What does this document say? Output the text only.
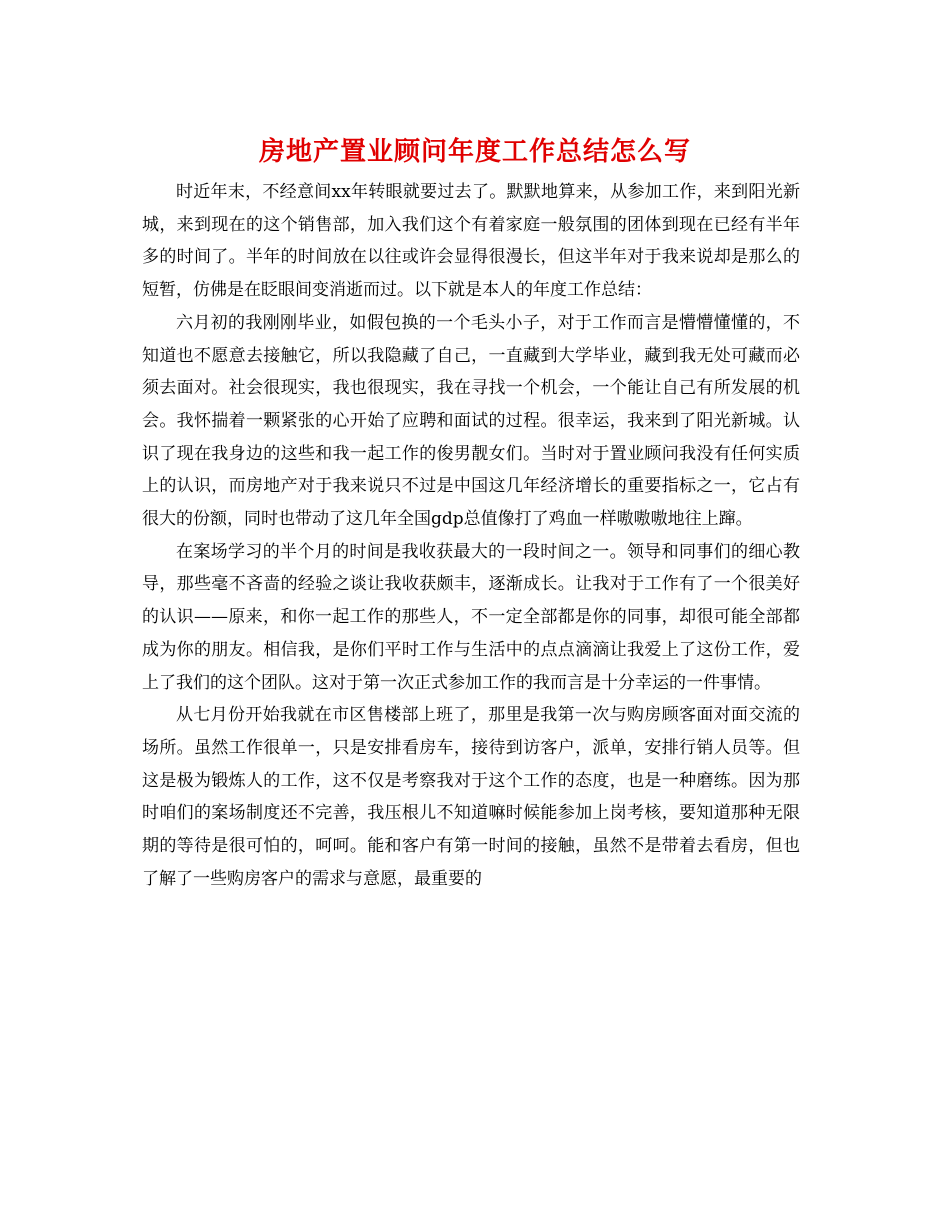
房地产置业顾问年度工作总结怎么写

时近年末，不经意间xx年转眼就要过去了。默默地算来，从参加工作，来到阳光新城，来到现在的这个销售部，加入我们这个有着家庭一般氛围的团体到现在已经有半年多的时间了。半年的时间放在以往或许会显得很漫长，但这半年对于我来说却是那么的短暂，仿佛是在眨眼间变消逝而过。以下就是本人的年度工作总结：

六月初的我刚刚毕业，如假包换的一个毛头小子，对于工作而言是懵懵懂懂的，不知道也不愿意去接触它，所以我隐藏了自己，一直藏到大学毕业，藏到我无处可藏而必须去面对。社会很现实，我也很现实，我在寻找一个机会，一个能让自己有所发展的机会。我怀揣着一颗紧张的心开始了应聘和面试的过程。很幸运，我来到了阳光新城。认识了现在我身边的这些和我一起工作的俊男靓女们。当时对于置业顾问我没有任何实质上的认识，而房地产对于我来说只不过是中国这几年经济增长的重要指标之一，它占有很大的份额，同时也带动了这几年全国gdp总值像打了鸡血一样嗷嗷嗷地往上蹿。

在案场学习的半个月的时间是我收获最大的一段时间之一。领导和同事们的细心教导，那些毫不吝啬的经验之谈让我收获颇丰，逐渐成长。让我对于工作有了一个很美好的认识——原来，和你一起工作的那些人，不一定全部都是你的同事，却很可能全部都成为你的朋友。相信我，是你们平时工作与生活中的点点滴滴让我爱上了这份工作，爱上了我们的这个团队。这对于第一次正式参加工作的我而言是十分幸运的一件事情。

从七月份开始我就在市区售楼部上班了，那里是我第一次与购房顾客面对面交流的场所。虽然工作很单一，只是安排看房车，接待到访客户，派单，安排行销人员等。但这是极为锻炼人的工作，这不仅是考察我对于这个工作的态度，也是一种磨练。因为那时咱们的案场制度还不完善，我压根儿不知道嘛时候能参加上岗考核，要知道那种无限期的等待是很可怕的，呵呵。能和客户有第一时间的接触，虽然不是带着去看房，但也了解了一些购房客户的需求与意愿，最重要的
